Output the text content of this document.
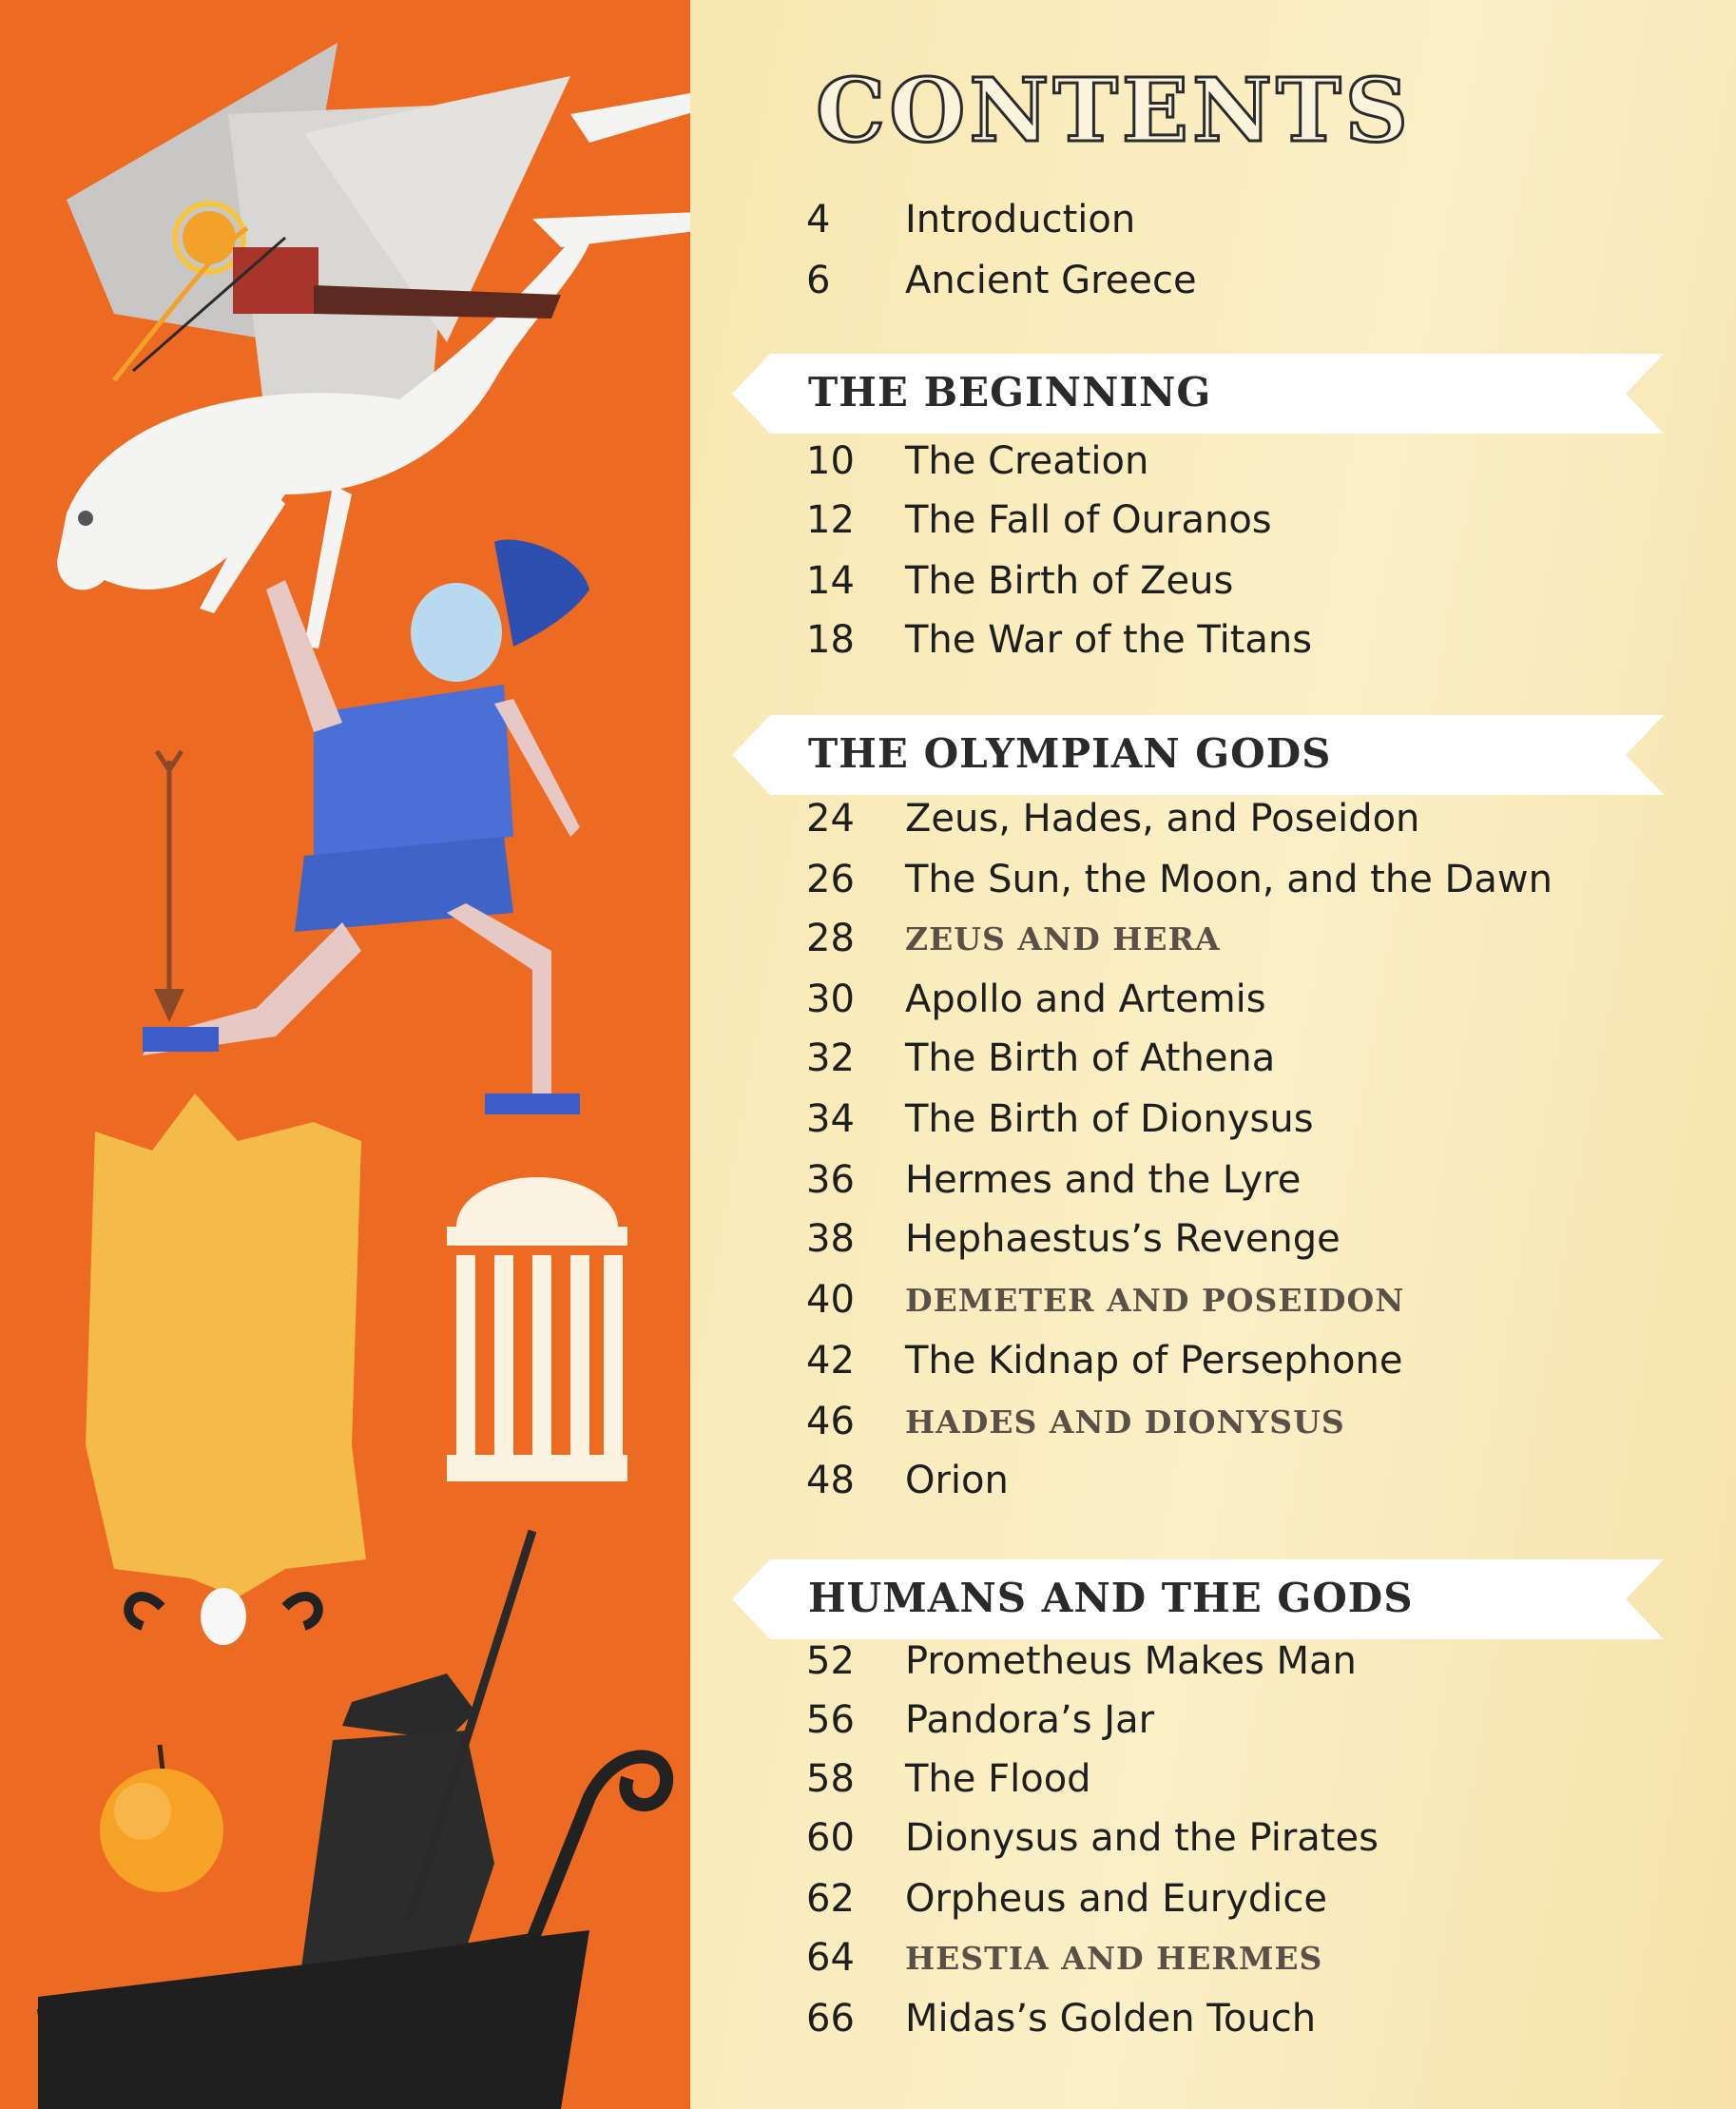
CONTENTS
4 Introduction
6 Ancient Greece
THE BEGINNING
10 The Creation
12 The Fall of Ouranos
14 The Birth of Zeus
18 The War of the Titans
THE OLYMPIAN GODS
24 Zeus, Hades, and Poseidon
26 The Sun, the Moon, and the Dawn
28 ZEUS AND HERA
30 Apollo and Artemis
32 The Birth of Athena
34 The Birth of Dionysus
36 Hermes and the Lyre
38 Hephaestus’s Revenge
40 DEMETER AND POSEIDON
42 The Kidnap of Persephone
46 HADES AND DIONYSUS
48 Orion
HUMANS AND THE GODS
52 Prometheus Makes Man
56 Pandora’s Jar
58 The Flood
60 Dionysus and the Pirates
62 Orpheus and Eurydice
64 HESTIA AND HERMES
66 Midas’s Golden Touch
